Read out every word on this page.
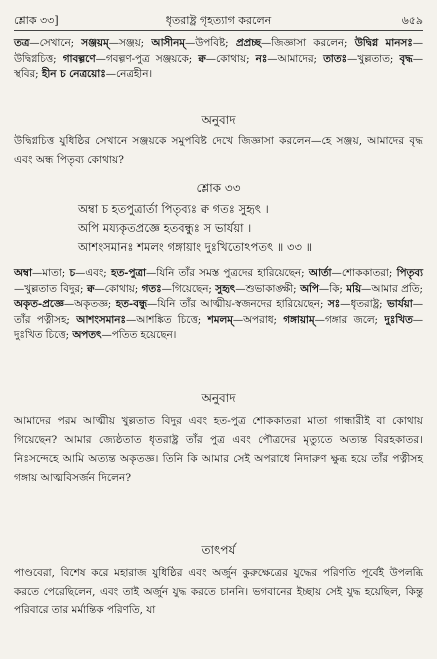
শ্লোক ৩৩]	ধৃতরাষ্ট্র গৃহত্যাগ করলেন	৬৫৯

তত্র—সেখানে; সঞ্জয়ম্—সঞ্জয়; আসীনম্—উপবিষ্ট; প্রপ্রচ্ছ—জিজ্ঞাসা করলেন; উদ্বিগ্ন মানসঃ—উদ্বিগ্নচিত্ত; গাবল্গণে—গবল্গণ-পুত্র সঞ্জয়কে; ক্ব—কোথায়; নঃ—আমাদের; তাতঃ—খুল্লতাত; বৃদ্ধ—স্থবির; হীন চ নেত্রয়োঃ—নেত্রহীন।

অনুবাদ

উদ্বিগ্নচিত্ত যুধিষ্ঠির সেখানে সঞ্জয়কে সমুপবিষ্ট দেখে জিজ্ঞাসা করলেন—হে সঞ্জয়, আমাদের বৃদ্ধ এবং অন্ধ পিতৃব্য কোথায়?

শ্লোক ৩৩

অম্বা চ হতপুত্রার্তা পিতৃব্যঃ ক্ব গতঃ সুহৃৎ ।
অপি ময্যকৃতপ্রজ্ঞে হতবন্ধুঃ স ভার্যয়া ।
আশংসমানঃ শমলং গঙ্গায়াং দুঃখিতোঽপতৎ ॥ ৩৩ ॥

অম্বা—মাতা; চ—এবং; হত-পুত্রা—যিনি তাঁর সমস্ত পুত্রদের হারিয়েছেন; আর্তা—শোককাতরা; পিতৃব্য—খুল্লতাত বিদুর; ক্ব—কোথায়; গতঃ—গিয়েছেন; সুহৃৎ—শুভাকাঙ্ক্ষী; অপি—কি; ময়ি—আমার প্রতি; অকৃত-প্রজ্ঞে—অকৃতজ্ঞ; হত-বন্ধু—যিনি তাঁর আত্মীয়-স্বজনদের হারিয়েছেন; সঃ—ধৃতরাষ্ট্র; ভার্যয়া—তাঁর পত্নীসহ; আশংসমানঃ—আশঙ্কিত চিত্তে; শমলম্—অপরাধ; গঙ্গায়াম্—গঙ্গার জলে; দুঃখিত—দুঃখিত চিত্তে; অপতৎ—পতিত হয়েছেন।

অনুবাদ

আমাদের পরম আত্মীয় খুল্লতাত বিদুর এবং হত-পুত্র শোককাতরা মাতা গান্ধারীই বা কোথায় গিয়েছেন? আমার জ্যেষ্ঠতাত ধৃতরাষ্ট্র তাঁর পুত্র এবং পৌত্রদের মৃত্যুতে অত্যন্ত বিরহকাতর। নিঃসন্দেহে আমি অত্যন্ত অকৃতজ্ঞ। তিনি কি আমার সেই অপরাধে নিদারুণ ক্ষুব্ধ হয়ে তাঁর পত্নীসহ গঙ্গায় আত্মবিসর্জন দিলেন?

তাৎপর্য

পাণ্ডবেরা, বিশেষ করে মহারাজ যুধিষ্ঠির এবং অর্জুন কুরুক্ষেত্রের যুদ্ধের পরিণতি পূর্বেই উপলব্ধি করতে পেরেছিলেন, এবং তাই অর্জুন যুদ্ধ করতে চাননি। ভগবানের ইচ্ছায় সেই যুদ্ধ হয়েছিল, কিন্তু পরিবারে তার মর্মান্তিক পরিণতি, যা
